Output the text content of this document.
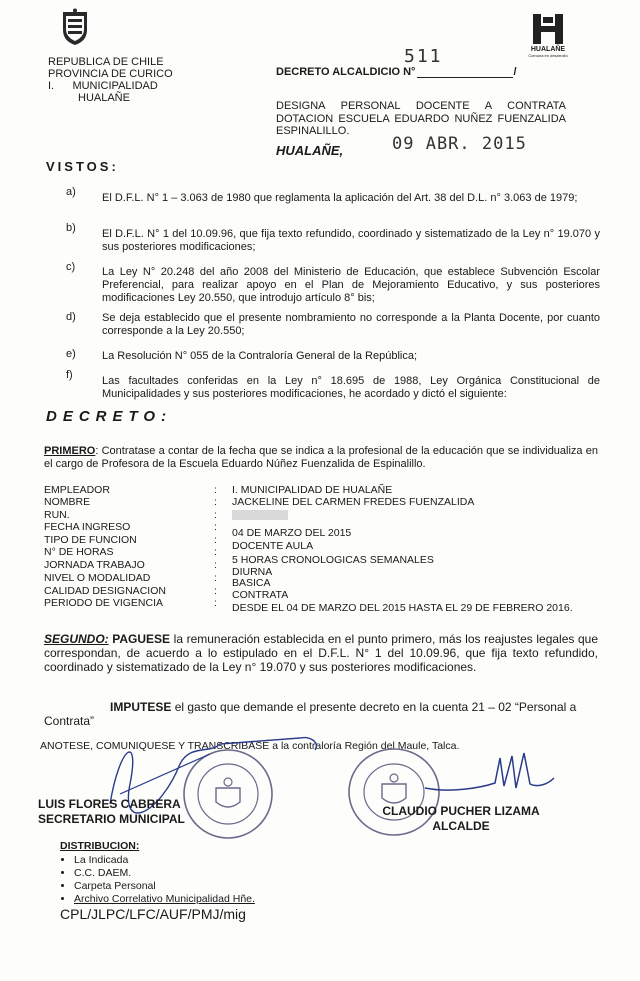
HUALAÑE
Comuna en desarrollo
REPUBLICA DE CHILE
PROVINCIA DE CURICO
I.      MUNICIPALIDAD
HUALAÑE
511
DECRETO ALCALDICIO N°	/
DESIGNA PERSONAL DOCENTE A CONTRATA DOTACION ESCUELA EDUARDO NUÑEZ FUENZALIDA ESPINALILLO.
HUALAÑE,	09 ABR. 2015
VISTOS:
a) El D.F.L. N° 1 – 3.063 de 1980 que reglamenta la aplicación del Art. 38 del D.L. n° 3.063 de 1979;
b) El D.F.L. N° 1 del 10.09.96, que fija texto refundido, coordinado y sistematizado de la Ley n° 19.070 y sus posteriores modificaciones;
c) La Ley N° 20.248 del año 2008 del Ministerio de Educación, que establece Subvención Escolar Preferencial, para realizar apoyo en el Plan de Mejoramiento Educativo, y sus posteriores modificaciones Ley 20.550, que introdujo artículo 8° bis;
d) Se deja establecido que el presente nombramiento no corresponde a la Planta Docente, por cuanto corresponde a la Ley 20.550;
e) La Resolución N° 055 de la Contraloría General de la República;
f)	Las facultades conferidas en la Ley n° 18.695 de 1988, Ley Orgánica Constitucional de Municipalidades y sus posteriores modificaciones, he acordado y dictó el siguiente:
DECRETO:
PRIMERO: Contratase a contar de la fecha que se indica a la profesional de la educación que se individualiza en el cargo de Profesora de la Escuela Eduardo Núñez Fuenzalida de Espinalillo.
EMPLEADOR	: I. MUNICIPALIDAD DE HUALAÑE
NOMBRE	: JACKELINE DEL CARMEN FREDES FUENZALIDA
RUN.	:
FECHA INGRESO	: 04 DE MARZO DEL 2015
TIPO DE FUNCION	: DOCENTE AULA
N° DE HORAS	:
5 HORAS CRONOLOGICAS SEMANALES
JORNADA TRABAJO	:
DIURNA
NIVEL O MODALIDAD	: BASICA
CALIDAD DESIGNACION	: CONTRATA
PERIODO DE VIGENCIA	: DESDE EL 04 DE MARZO DEL 2015 HASTA EL 29 DE FEBRERO 2016.
SEGUNDO: PAGUESE la remuneración establecida en el punto primero, más los reajustes legales que correspondan, de acuerdo a lo estipulado en el D.F.L. N° 1 del 10.09.96, que fija texto refundido, coordinado y sistematizado de la Ley n° 19.070 y sus posteriores modificaciones.
IMPUTESE el gasto que demande el presente decreto en la cuenta 21 – 02 “Personal a Contrata”
ANOTESE, COMUNIQUESE Y TRANSCRIBASE a la contraloría Región del Maule, Talca.
LUIS FLORES CABRERA
SECRETARIO MUNICIPAL
CLAUDIO PUCHER LIZAMA
ALCALDE
DISTRIBUCION:
• La Indicada
• C.C. DAEM.
• Carpeta Personal
• Archivo Correlativo Municipalidad Hñe.
CPL/JLPC/LFC/AUF/PMJ/mig
